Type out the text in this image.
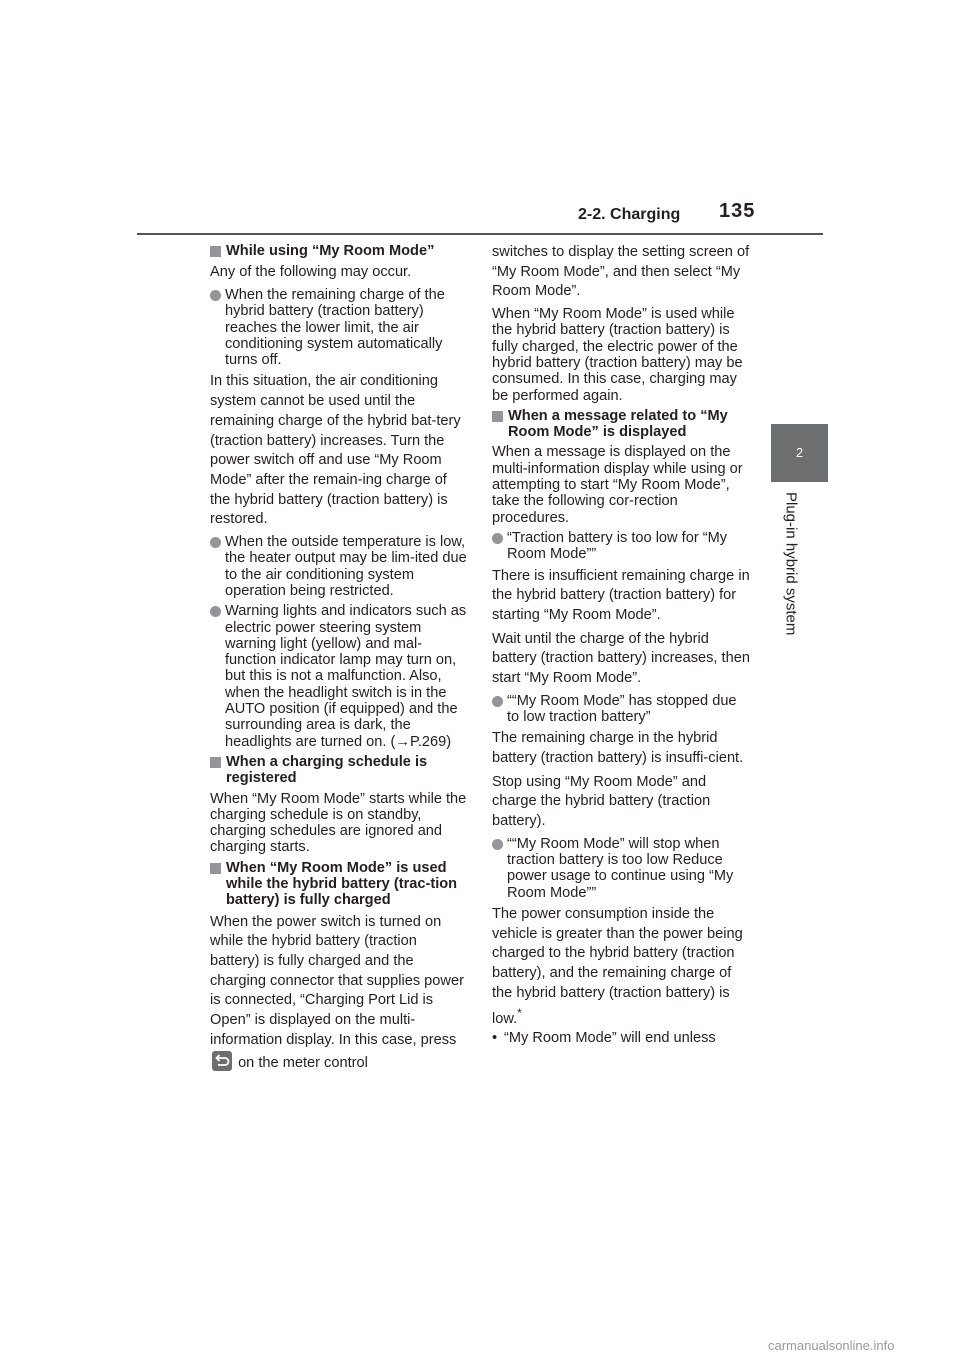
2-2. Charging 135
2
Plug-in hybrid system
While using “My Room Mode”
Any of the following may occur.
When the remaining charge of the hybrid battery (traction battery) reaches the lower limit, the air conditioning system automatically turns off.
In this situation, the air conditioning system cannot be used until the remaining charge of the hybrid bat-tery (traction battery) increases. Turn the power switch off and use “My Room Mode” after the remain-ing charge of the hybrid battery (traction battery) is restored.
When the outside temperature is low, the heater output may be lim-ited due to the air conditioning system operation being restricted.
Warning lights and indicators such as electric power steering system warning light (yellow) and mal-function indicator lamp may turn on, but this is not a malfunction. Also, when the headlight switch is in the AUTO position (if equipped) and the surrounding area is dark, the headlights are turned on. (→P.269)
When a charging schedule is registered
When “My Room Mode” starts while the charging schedule is on standby, charging schedules are ignored and charging starts.
When “My Room Mode” is used while the hybrid battery (trac-tion battery) is fully charged
When the power switch is turned on while the hybrid battery (traction battery) is fully charged and the charging connector that supplies power is connected, “Charging Port Lid is Open” is displayed on the multi-information display. In this case, press
on the meter control
switches to display the setting screen of “My Room Mode”, and then select “My Room Mode”.
When “My Room Mode” is used while the hybrid battery (traction battery) is fully charged, the electric power of the hybrid battery (traction battery) may be consumed. In this case, charging may be performed again.
When a message related to “My Room Mode” is displayed
When a message is displayed on the multi-information display while using or attempting to start “My Room Mode”, take the following cor-rection procedures.
“Traction battery is too low for “My Room Mode””
There is insufficient remaining charge in the hybrid battery (traction battery) for starting “My Room Mode”.
Wait until the charge of the hybrid battery (traction battery) increases, then start “My Room Mode”.
““My Room Mode” has stopped due to low traction battery”
The remaining charge in the hybrid battery (traction battery) is insuffi-cient.
Stop using “My Room Mode” and charge the hybrid battery (traction battery).
““My Room Mode” will stop when traction battery is too low Reduce power usage to continue using “My Room Mode””
The power consumption inside the vehicle is greater than the power being charged to the hybrid battery (traction battery), and the remaining charge of the hybrid battery (traction battery) is low.*
• “My Room Mode” will end unless
carmanualsonline.info
